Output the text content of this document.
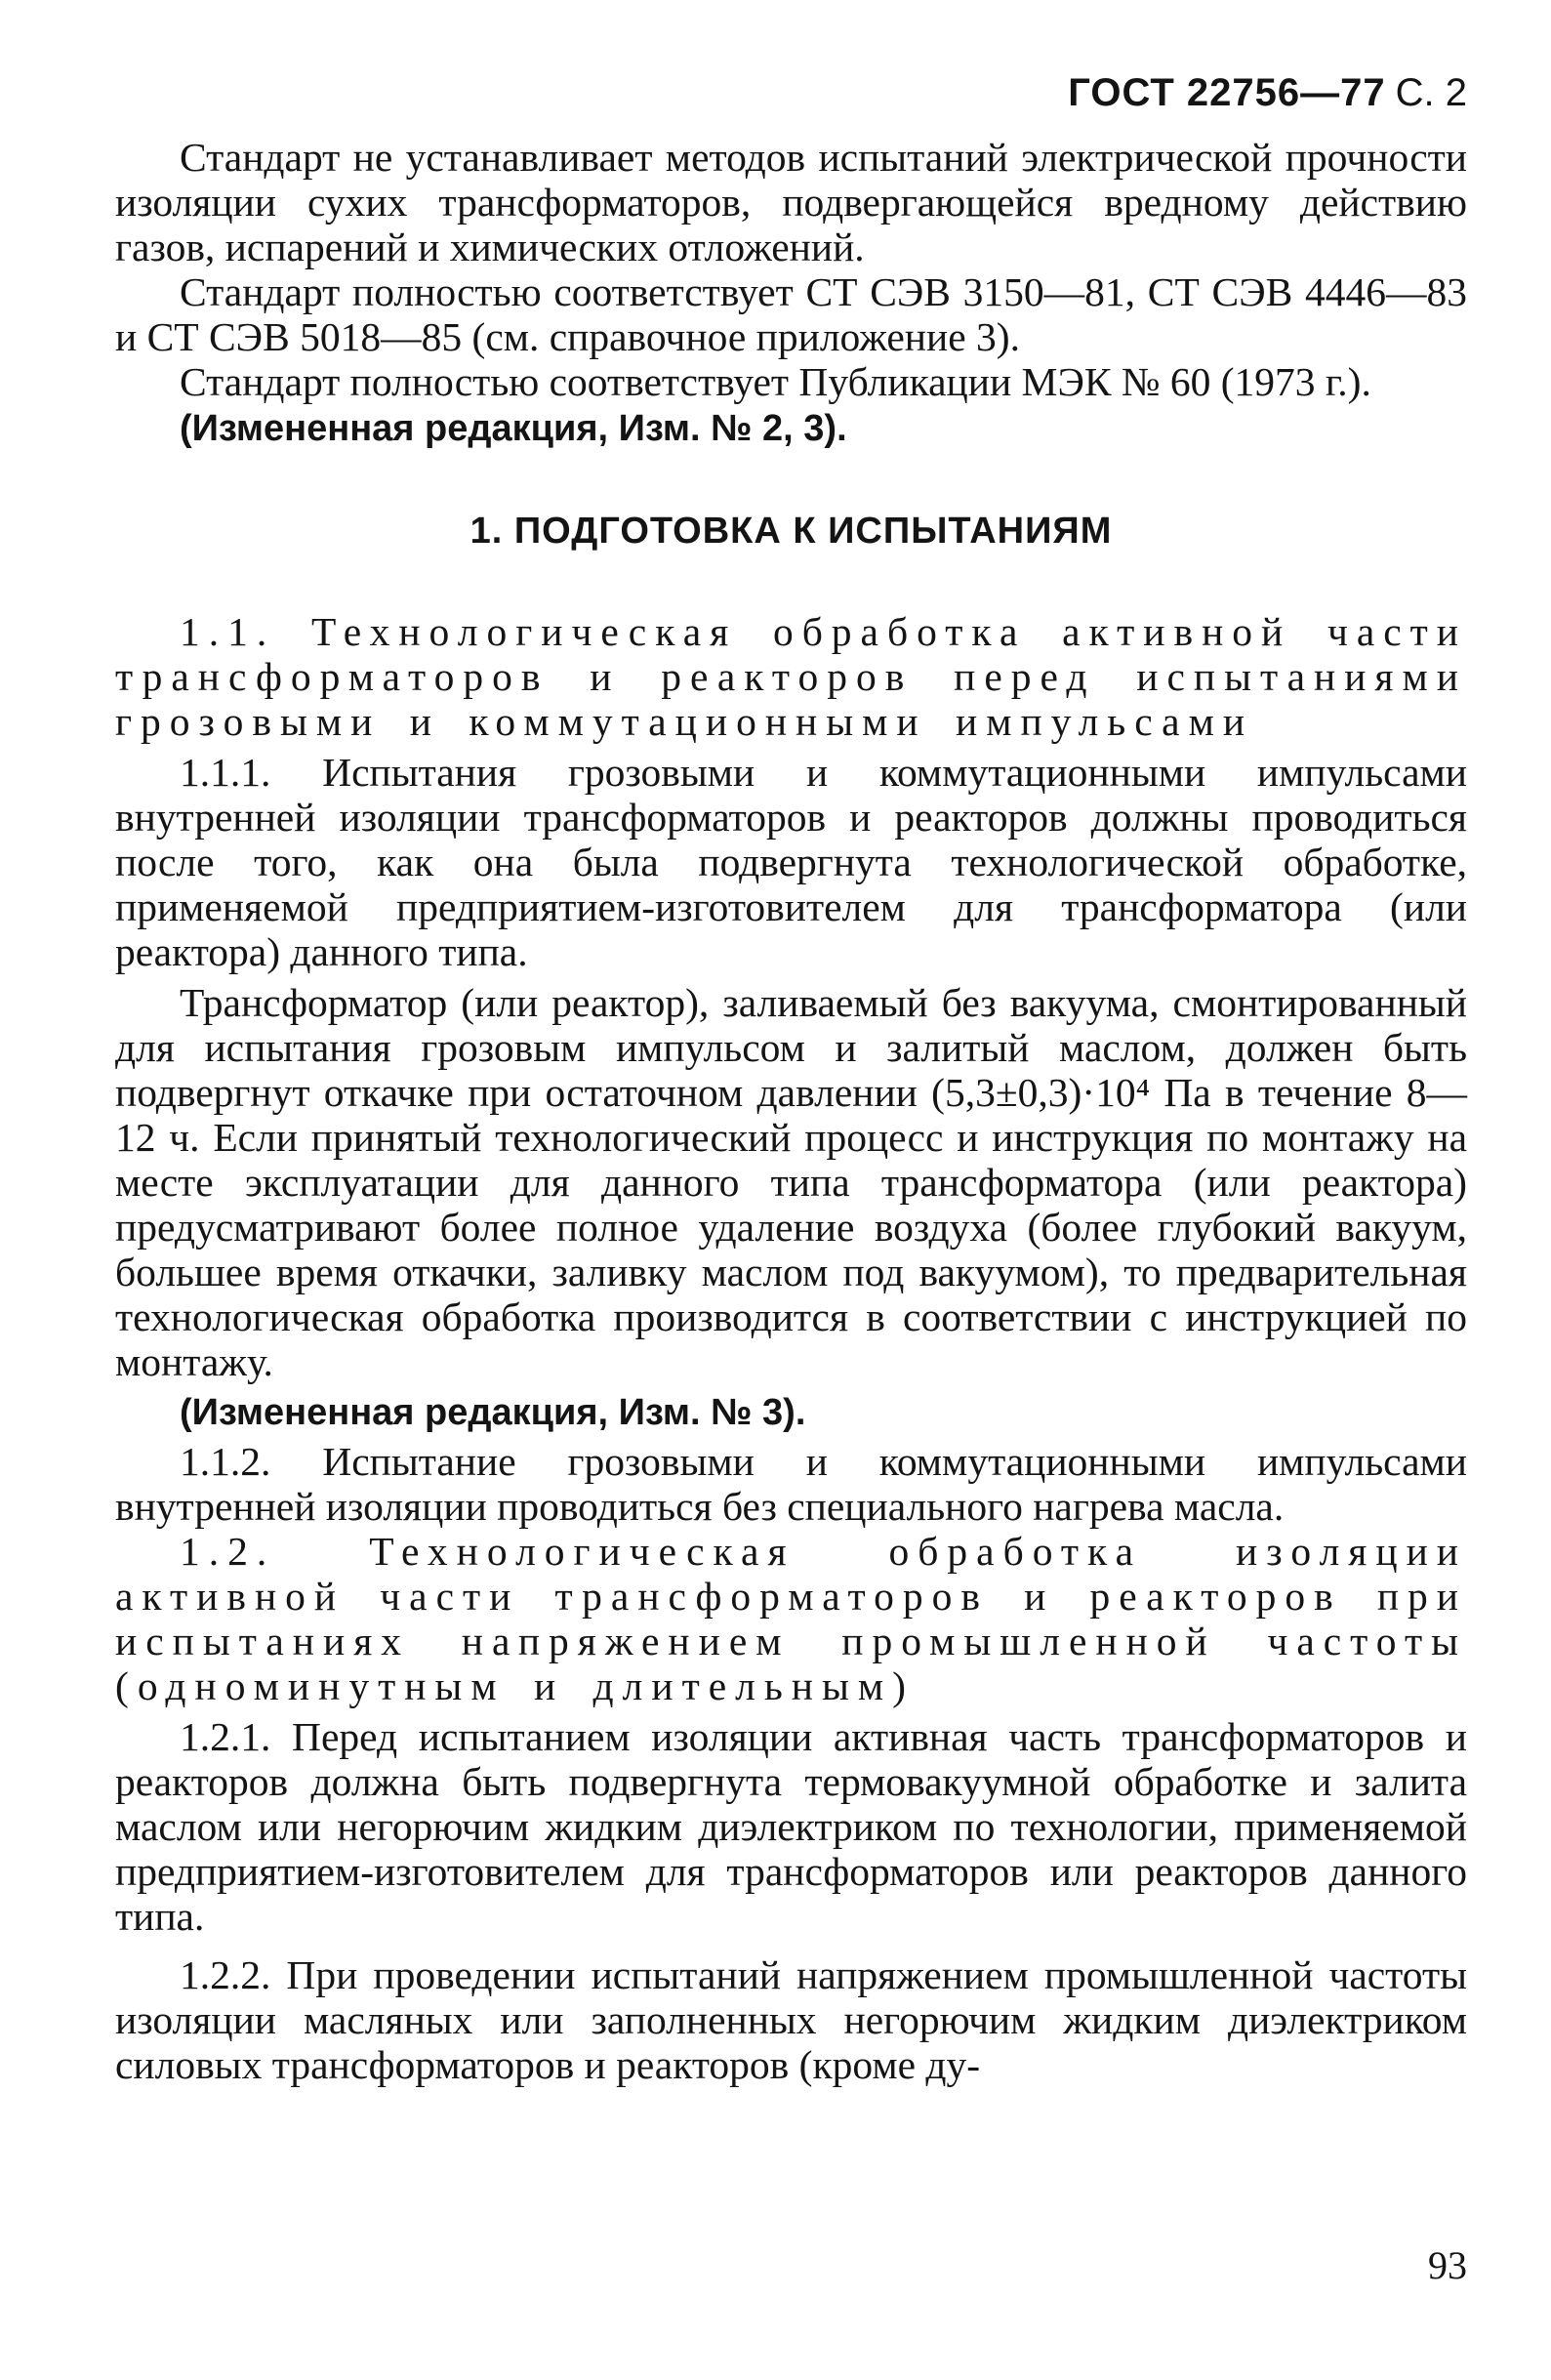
ГОСТ 22756—77 С. 2

Стандарт не устанавливает методов испытаний электрической прочности изоляции сухих трансформаторов, подвергающейся вредному действию газов, испарений и химических отложений.

Стандарт полностью соответствует СТ СЭВ 3150—81, СТ СЭВ 4446—83 и СТ СЭВ 5018—85 (см. справочное приложение 3).

Стандарт полностью соответствует Публикации МЭК № 60 (1973 г.).

(Измененная редакция, Изм. № 2, 3).

1. ПОДГОТОВКА К ИСПЫТАНИЯМ

1.1. Технологическая обработка активной части трансформаторов и реакторов перед испытаниями грозовыми и коммутационными импульсами

1.1.1. Испытания грозовыми и коммутационными импульсами внутренней изоляции трансформаторов и реакторов должны проводиться после того, как она была подвергнута технологической обработке, применяемой предприятием-изготовителем для трансформатора (или реактора) данного типа.

Трансформатор (или реактор), заливаемый без вакуума, смонтированный для испытания грозовым импульсом и залитый маслом, должен быть подвергнут откачке при остаточном давлении (5,3±0,3)·10⁴ Па в течение 8—12 ч. Если принятый технологический процесс и инструкция по монтажу на месте эксплуатации для данного типа трансформатора (или реактора) предусматривают более полное удаление воздуха (более глубокий вакуум, большее время откачки, заливку маслом под вакуумом), то предварительная технологическая обработка производится в соответствии с инструкцией по монтажу.

(Измененная редакция, Изм. № 3).

1.1.2. Испытание грозовыми и коммутационными импульсами внутренней изоляции проводиться без специального нагрева масла.

1.2. Технологическая обработка изоляции активной части трансформаторов и реакторов при испытаниях напряжением промышленной частоты (одноминутным и длительным)

1.2.1. Перед испытанием изоляции активная часть трансформаторов и реакторов должна быть подвергнута термовакуумной обработке и залита маслом или негорючим жидким диэлектриком по технологии, применяемой предприятием-изготовителем для трансформаторов или реакторов данного типа.

1.2.2. При проведении испытаний напряжением промышленной частоты изоляции масляных или заполненных негорючим жидким диэлектриком силовых трансформаторов и реакторов (кроме ду-

93
